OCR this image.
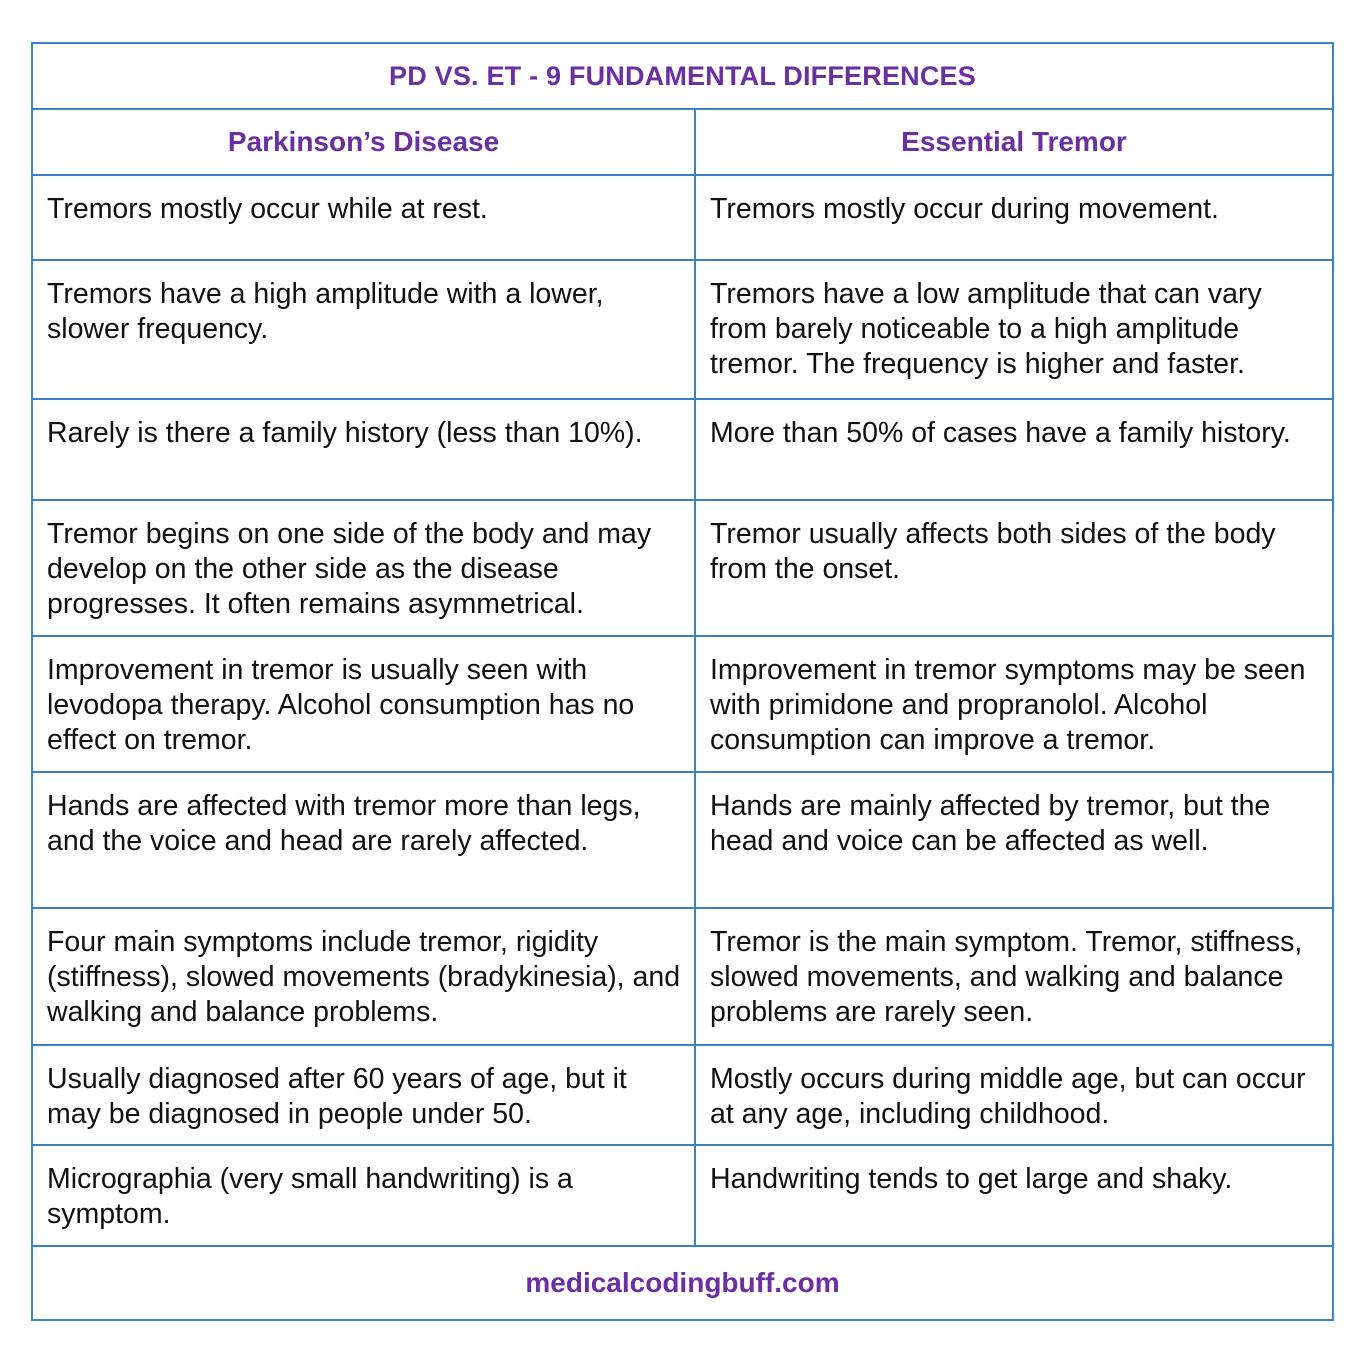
PD VS. ET - 9 FUNDAMENTAL DIFFERENCES	
Parkinson’s Disease	Essential Tremor
Tremors mostly occur while at rest.	Tremors mostly occur during movement.
Tremors have a high amplitude with a lower, slower frequency.	Tremors have a low amplitude that can vary from barely noticeable to a high amplitude tremor. The frequency is higher and faster.
Rarely is there a family history (less than 10%).	More than 50% of cases have a family history.
Tremor begins on one side of the body and may develop on the other side as the disease progresses. It often remains asymmetrical.	Tremor usually affects both sides of the body from the onset.
Improvement in tremor is usually seen with levodopa therapy. Alcohol consumption has no effect on tremor.	Improvement in tremor symptoms may be seen with primidone and propranolol. Alcohol consumption can improve a tremor.
Hands are affected with tremor more than legs, and the voice and head are rarely affected.	Hands are mainly affected by tremor, but the head and voice can be affected as well.
Four main symptoms include tremor, rigidity (stiffness), slowed movements (bradykinesia), and walking and balance problems.	Tremor is the main symptom. Tremor, stiffness, slowed movements, and walking and balance problems are rarely seen.
Usually diagnosed after 60 years of age, but it may be diagnosed in people under 50.	Mostly occurs during middle age, but can occur at any age, including childhood.
Micrographia (very small handwriting) is a symptom.	Handwriting tends to get large and shaky.
medicalcodingbuff.com	
